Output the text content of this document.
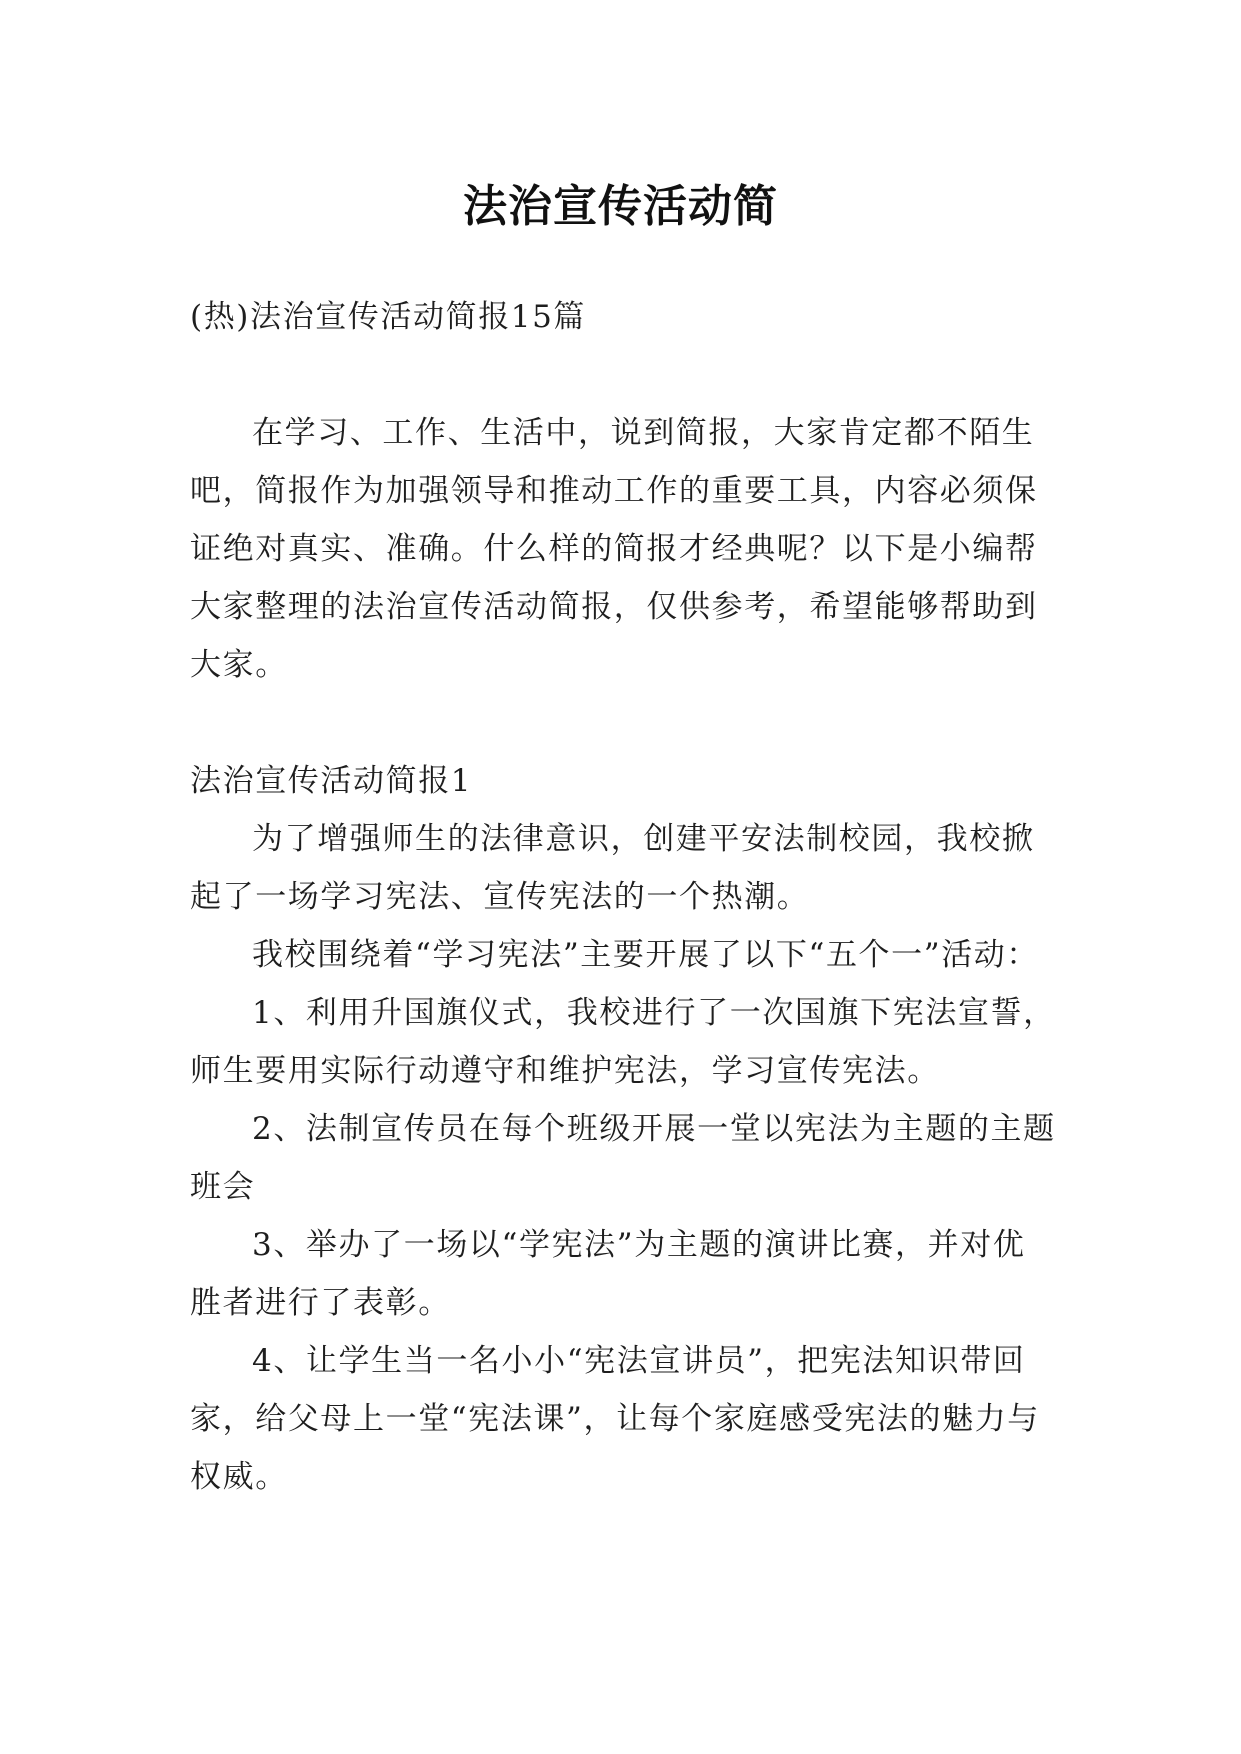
法治宣传活动简

(热)法治宣传活动简报15篇

在学习、工作、生活中，说到简报，大家肯定都不陌生吧，简报作为加强领导和推动工作的重要工具，内容必须保证绝对真实、准确。什么样的简报才经典呢？以下是小编帮大家整理的法治宣传活动简报，仅供参考，希望能够帮助到大家。

法治宣传活动简报1

为了增强师生的法律意识，创建平安法制校园，我校掀起了一场学习宪法、宣传宪法的一个热潮。

我校围绕着“学习宪法”主要开展了以下“五个一”活动：

1、利用升国旗仪式，我校进行了一次国旗下宪法宣誓，师生要用实际行动遵守和维护宪法，学习宣传宪法。

2、法制宣传员在每个班级开展一堂以宪法为主题的主题班会

3、举办了一场以“学宪法”为主题的演讲比赛，并对优胜者进行了表彰。

4、让学生当一名小小“宪法宣讲员”，把宪法知识带回家，给父母上一堂“宪法课”，让每个家庭感受宪法的魅力与权威。
